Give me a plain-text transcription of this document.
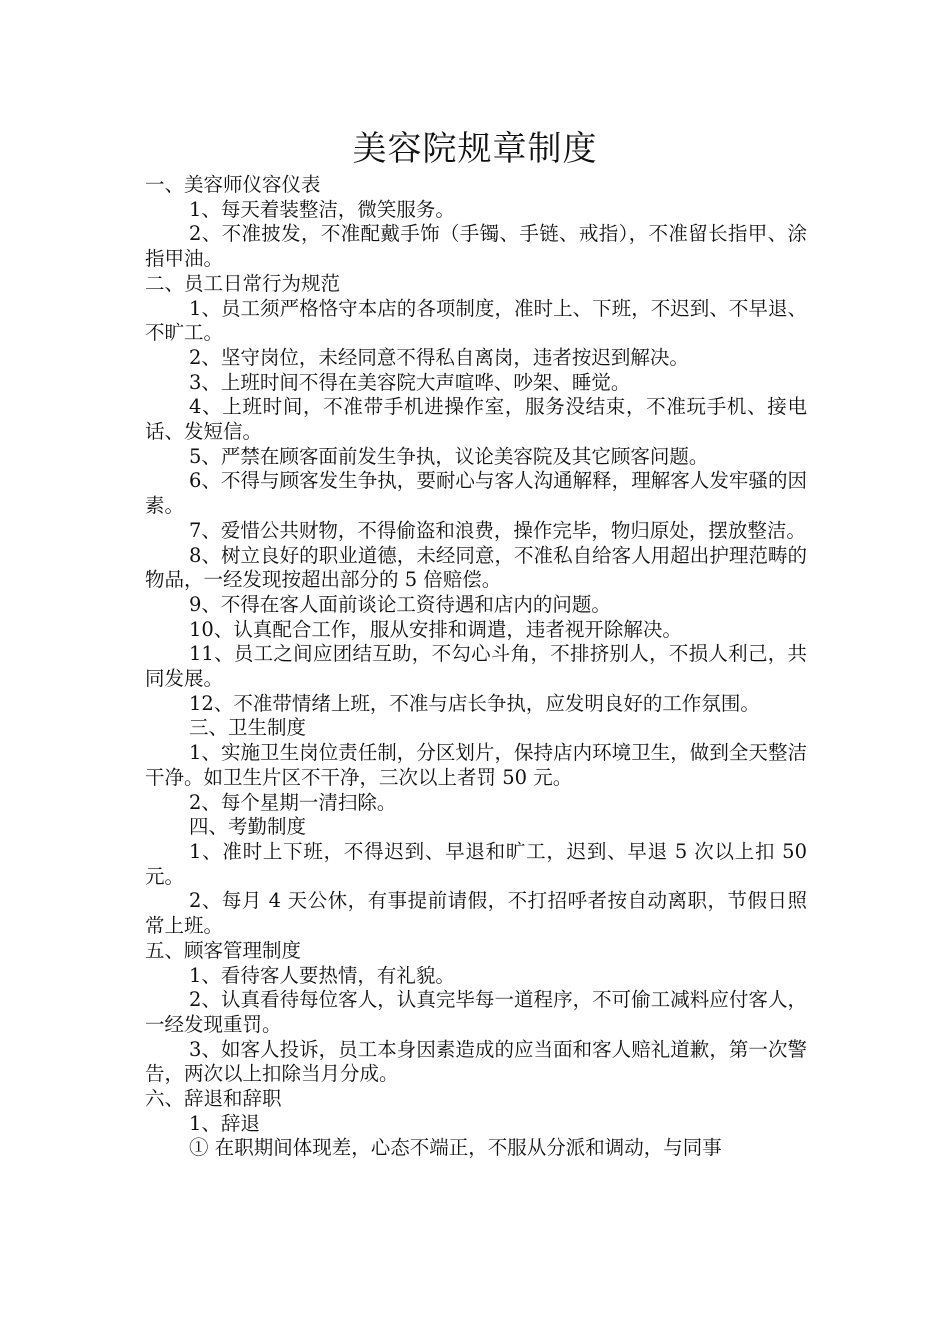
美容院规章制度

一、美容师仪容仪表

1、每天着装整洁，微笑服务。

2、不准披发，不准配戴手饰（手镯、手链、戒指），不准留长指甲、涂指甲油。

二、员工日常行为规范

1、员工须严格恪守本店的各项制度，准时上、下班，不迟到、不早退、不旷工。

2、坚守岗位，未经同意不得私自离岗，违者按迟到解决。

3、上班时间不得在美容院大声喧哗、吵架、睡觉。

4、上班时间，不准带手机进操作室，服务没结束，不准玩手机、接电话、发短信。

5、严禁在顾客面前发生争执，议论美容院及其它顾客问题。

6、不得与顾客发生争执，要耐心与客人沟通解释，理解客人发牢骚的因素。

7、爱惜公共财物，不得偷盗和浪费，操作完毕，物归原处，摆放整洁。

8、树立良好的职业道德，未经同意，不准私自给客人用超出护理范畴的物品，一经发现按超出部分的 5 倍赔偿。

9、不得在客人面前谈论工资待遇和店内的问题。

10、认真配合工作，服从安排和调遣，违者视开除解决。

11、员工之间应团结互助，不勾心斗角，不排挤别人，不损人利己，共同发展。

12、不准带情绪上班，不准与店长争执，应发明良好的工作氛围。

三、卫生制度

1、实施卫生岗位责任制，分区划片，保持店内环境卫生，做到全天整洁干净。如卫生片区不干净，三次以上者罚 50 元。

2、每个星期一清扫除。

四、考勤制度

1、准时上下班，不得迟到、早退和旷工，迟到、早退 5 次以上扣 50 元。

2、每月 4 天公休，有事提前请假，不打招呼者按自动离职，节假日照常上班。

五、顾客管理制度

1、看待客人要热情，有礼貌。

2、认真看待每位客人，认真完毕每一道程序，不可偷工减料应付客人，一经发现重罚。

3、如客人投诉，员工本身因素造成的应当面和客人赔礼道歉，第一次警告，两次以上扣除当月分成。

六、辞退和辞职

1、辞退

① 在职期间体现差，心态不端正，不服从分派和调动，与同事
